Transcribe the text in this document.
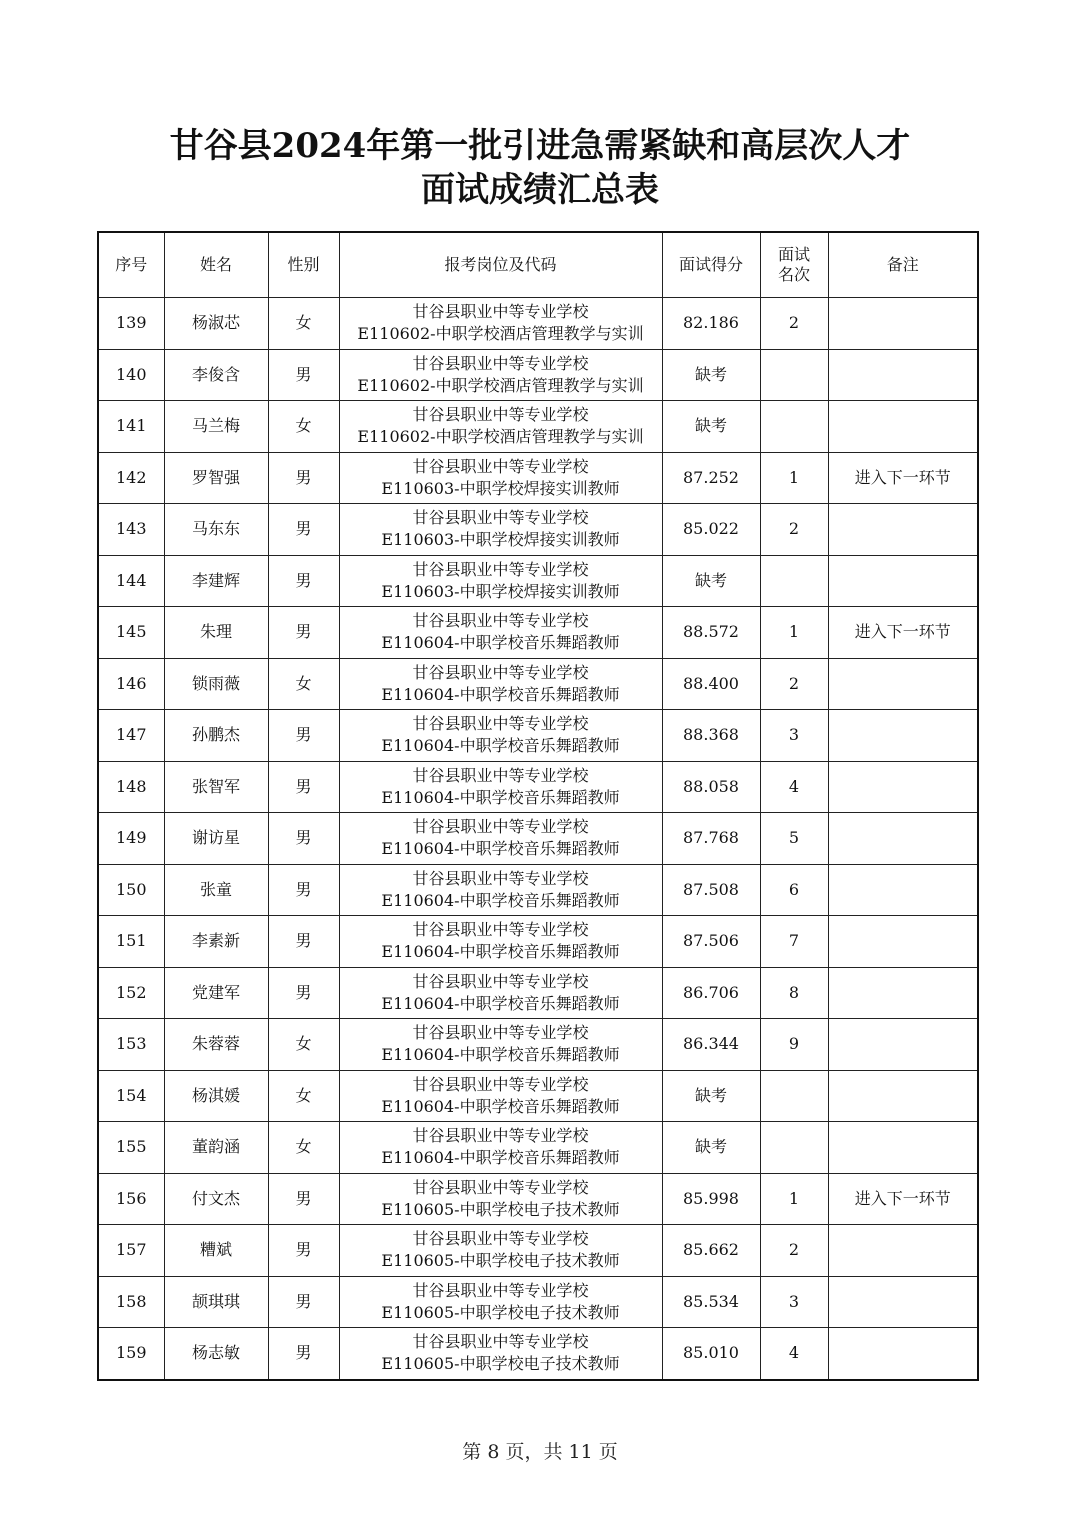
甘谷县2024年第一批引进急需紧缺和高层次人才
面试成绩汇总表
序号	姓名	性别	报考岗位及代码	面试得分	面试
名次	备注
139	杨淑芯	女	甘谷县职业中等专业学校
E110602-中职学校酒店管理教学与实训	82.186	2	
140	李俊含	男	甘谷县职业中等专业学校
E110602-中职学校酒店管理教学与实训	缺考		
141	马兰梅	女	甘谷县职业中等专业学校
E110602-中职学校酒店管理教学与实训	缺考		
142	罗智强	男	甘谷县职业中等专业学校
E110603-中职学校焊接实训教师	87.252	1	进入下一环节
143	马东东	男	甘谷县职业中等专业学校
E110603-中职学校焊接实训教师	85.022	2	
144	李建辉	男	甘谷县职业中等专业学校
E110603-中职学校焊接实训教师	缺考		
145	朱理	男	甘谷县职业中等专业学校
E110604-中职学校音乐舞蹈教师	88.572	1	进入下一环节
146	锁雨薇	女	甘谷县职业中等专业学校
E110604-中职学校音乐舞蹈教师	88.400	2	
147	孙鹏杰	男	甘谷县职业中等专业学校
E110604-中职学校音乐舞蹈教师	88.368	3	
148	张智军	男	甘谷县职业中等专业学校
E110604-中职学校音乐舞蹈教师	88.058	4	
149	谢访星	男	甘谷县职业中等专业学校
E110604-中职学校音乐舞蹈教师	87.768	5	
150	张童	男	甘谷县职业中等专业学校
E110604-中职学校音乐舞蹈教师	87.508	6	
151	李素新	男	甘谷县职业中等专业学校
E110604-中职学校音乐舞蹈教师	87.506	7	
152	党建军	男	甘谷县职业中等专业学校
E110604-中职学校音乐舞蹈教师	86.706	8	
153	朱蓉蓉	女	甘谷县职业中等专业学校
E110604-中职学校音乐舞蹈教师	86.344	9	
154	杨淇媛	女	甘谷县职业中等专业学校
E110604-中职学校音乐舞蹈教师	缺考		
155	董韵涵	女	甘谷县职业中等专业学校
E110604-中职学校音乐舞蹈教师	缺考		
156	付文杰	男	甘谷县职业中等专业学校
E110605-中职学校电子技术教师	85.998	1	进入下一环节
157	糟斌	男	甘谷县职业中等专业学校
E110605-中职学校电子技术教师	85.662	2	
158	颉琪琪	男	甘谷县职业中等专业学校
E110605-中职学校电子技术教师	85.534	3	
159	杨志敏	男	甘谷县职业中等专业学校
E110605-中职学校电子技术教师	85.010	4	
第 8 页，共 11 页
